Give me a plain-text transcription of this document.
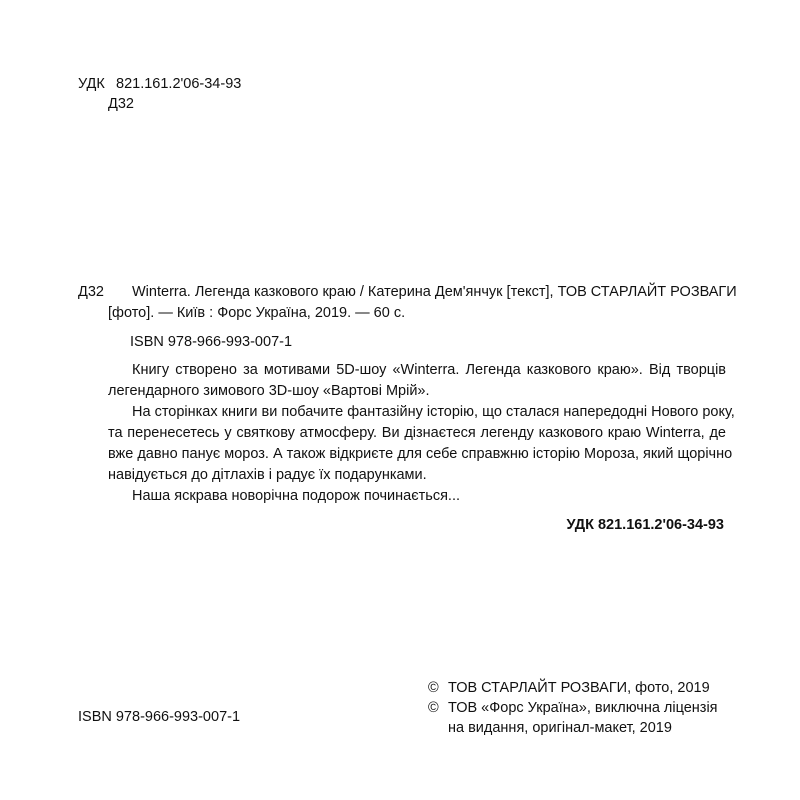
УДК 821.161.2'06-34-93
Д32
Д32	Winterra. Легенда казкового краю / Катерина Дем'янчук [текст], ТОВ СТАРЛАЙТ РОЗВАГИ
[фото]. — Київ : Форс Україна, 2019. — 60 с.
ISBN 978-966-993-007-1
Книгу створено за мотивами 5D-шоу «Winterra. Легенда казкового краю». Від творців
легендарного зимового 3D-шоу «Вартові Мрій».
На сторінках книги ви побачите фантазійну історію, що сталася напередодні Нового року,
та перенесетесь у святкову атмосферу. Ви дізнаєтеся легенду казкового краю Winterra, де
вже давно панує мороз. А також відкриєте для себе справжню історію Мороза, який щорічно
навідується до дітлахів і радує їх подарунками.
Наша яскрава новорічна подорож починається...
УДК 821.161.2'06-34-93
© ТОВ СТАРЛАЙТ РОЗВАГИ, фото, 2019
© ТОВ «Форс Україна», виключна ліцензія
на видання, оригінал-макет, 2019
ISBN 978-966-993-007-1
